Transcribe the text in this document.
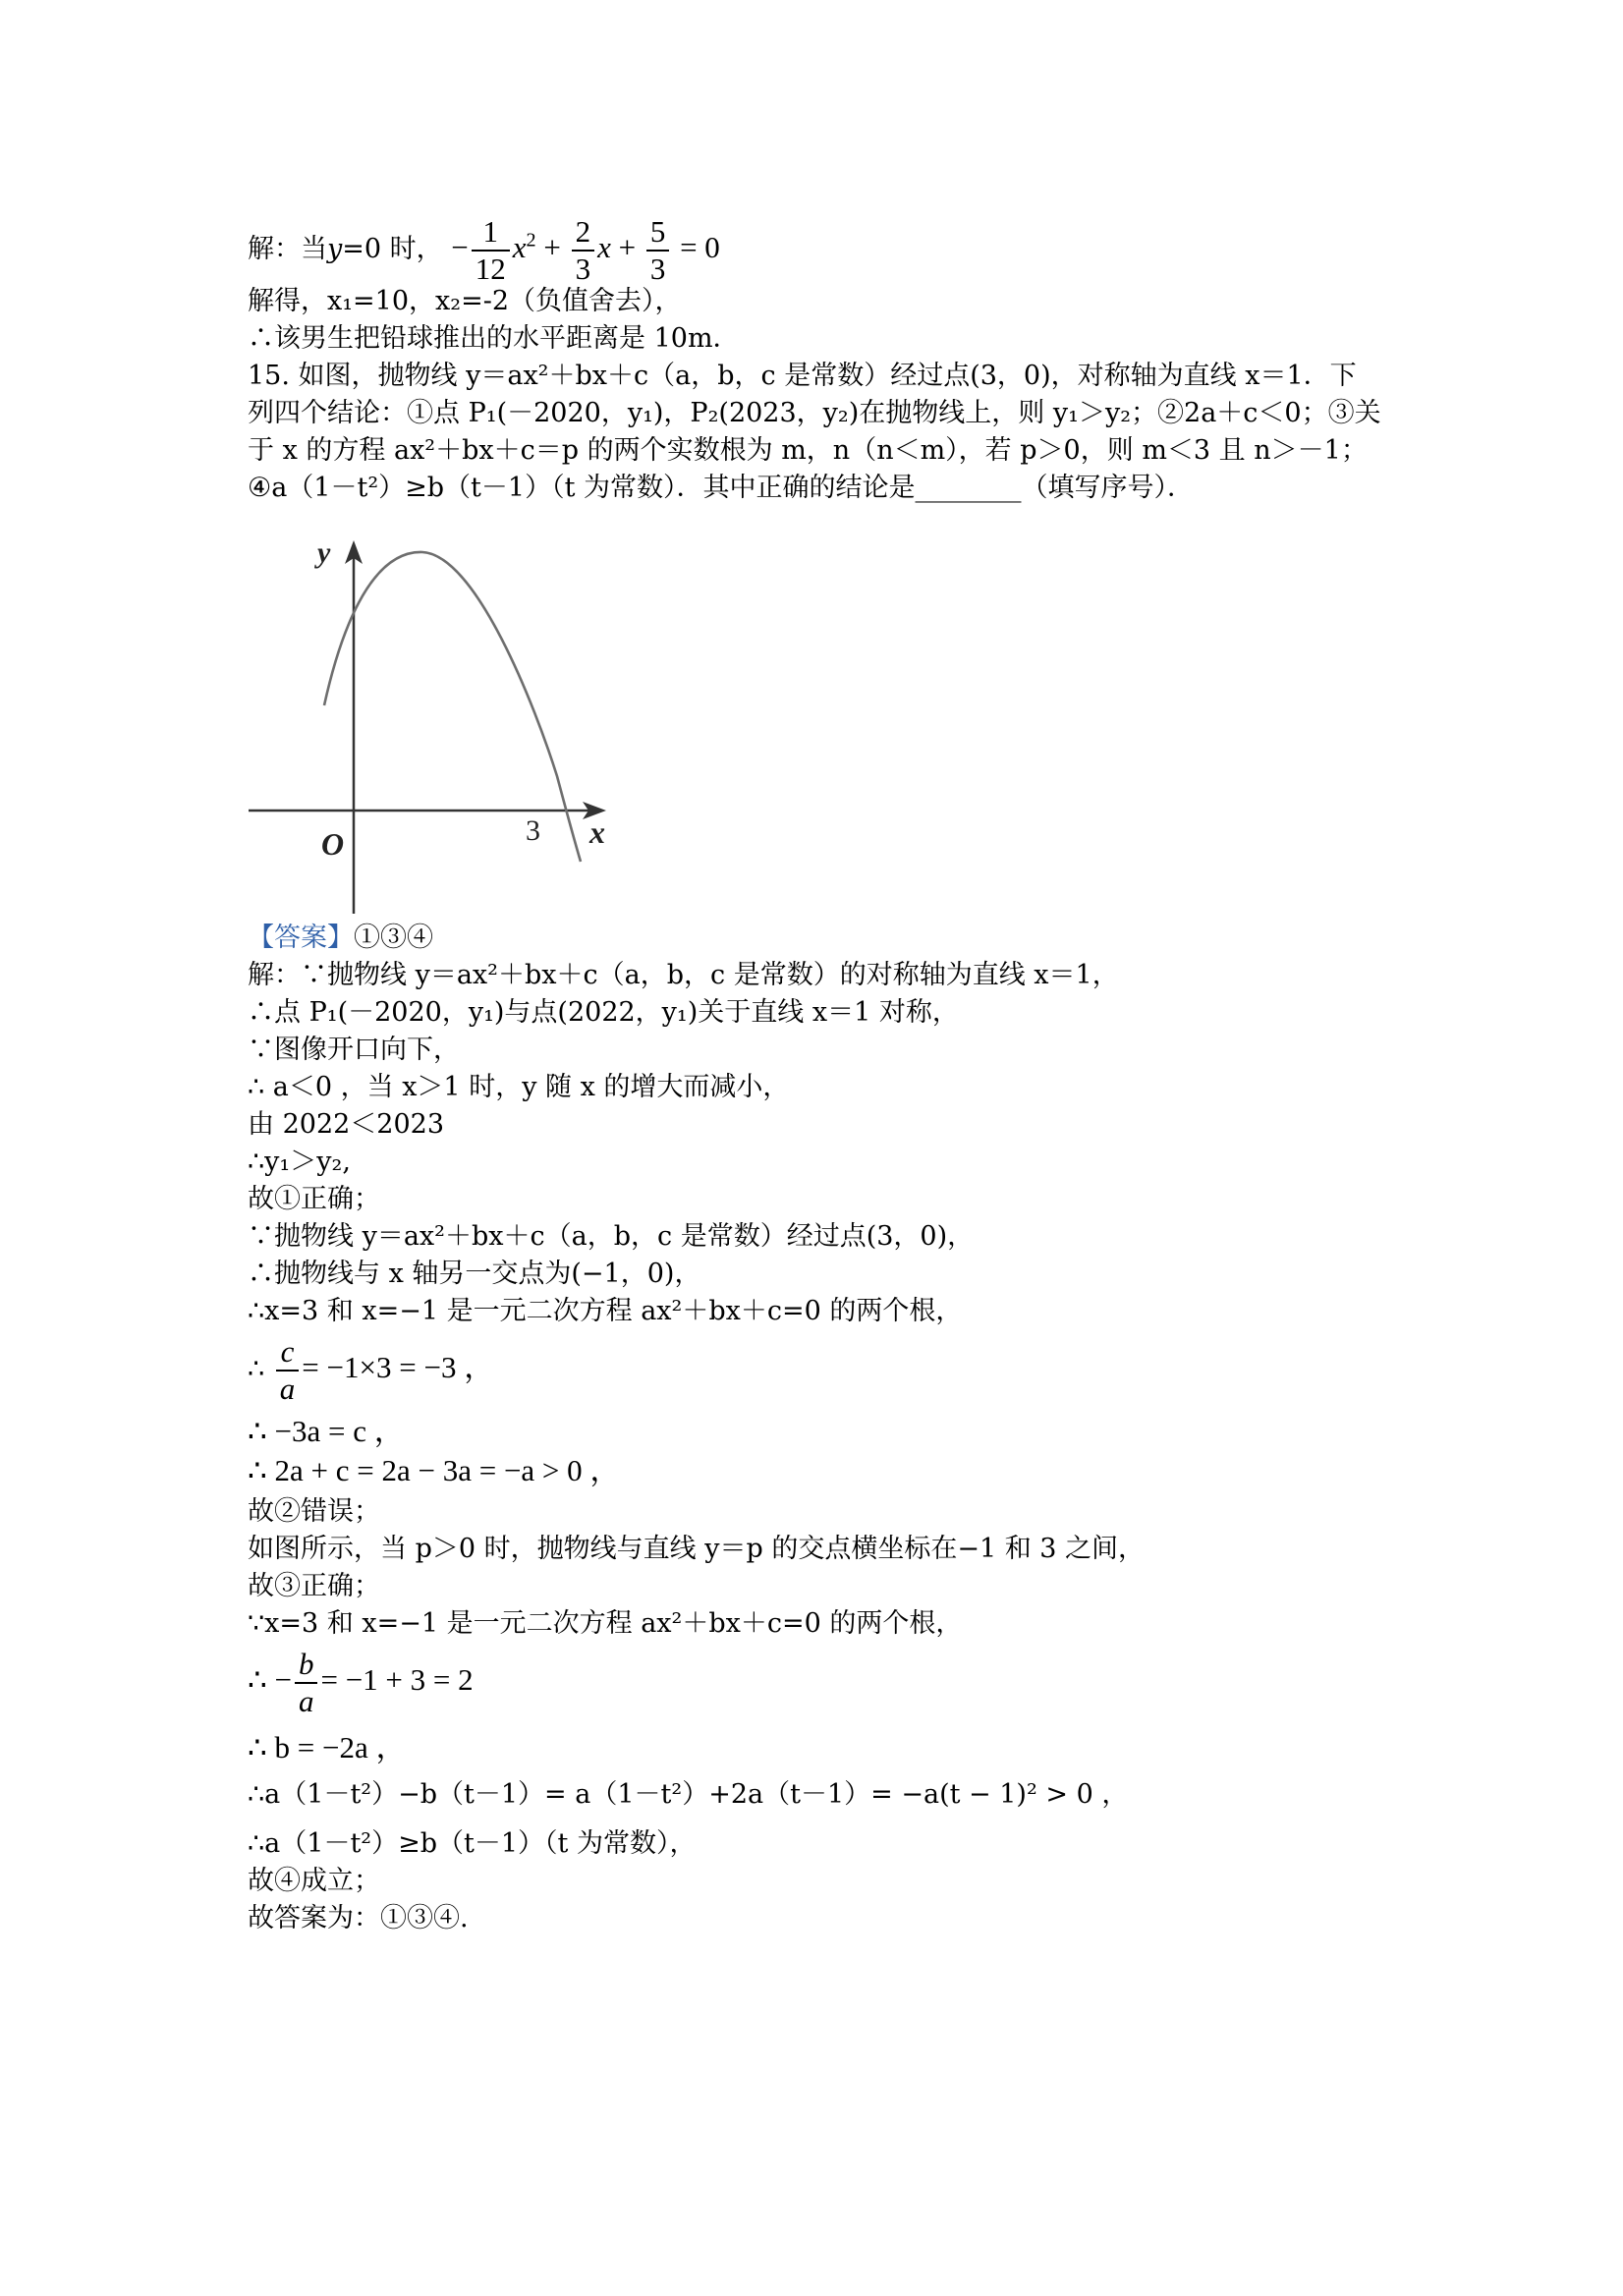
解：当y=0 时， − $\frac{1}{12} x^2 + \frac{2}{3}$ $x + \frac{5}{3} = 0$
解得，x₁=10，x₂=-2（负值舍去），
∴该男生把铅球推出的水平距离是 10m．
15. 如图，抛物线 y＝ax²＋bx＋c（a，b，c 是常数）经过点(3，0)，对称轴为直线 x＝1．下
列四个结论：①点 P₁(－2020，y₁)，P₂(2023，y₂)在抛物线上，则 y₁＞y₂；②2a＋c＜0；③关
于 x 的方程 ax²＋bx＋c＝p 的两个实数根为 m，n（n＜m），若 p＞0，则 m＜3 且 n＞－1；
④a（1－t²）≥b（t－1）（t 为常数）．其中正确的结论是________（填写序号）．
y
x
O	3
【答案】①③④
解：∵抛物线 y＝ax²＋bx＋c（a，b，c 是常数）的对称轴为直线 x＝1，
∴点 P₁(－2020，y₁)与点(2022，y₁)关于直线 x＝1 对称，
∵图像开口向下，
∴ a＜0 ，当 x＞1 时，y 随 x 的增大而减小，
由 2022＜2023
∴y₁＞y₂,
故①正确；
∵抛物线 y＝ax²＋bx＋c（a，b，c 是常数）经过点(3，0)，
∴抛物线与 x 轴另一交点为(−1，0)，
∴x=3 和 x=−1 是一元二次方程 ax²＋bx＋c=0 的两个根，
∴ $\frac{c}{a} = -1\times 3 = -3$ ，
∴ −3a = c ，
∴ 2a + c = 2a − 3a = −a > 0 ，
故②错误；
如图所示，当 p＞0 时，抛物线与直线 y＝p 的交点横坐标在−1 和 3 之间，
故③正确；
∵x=3 和 x=−1 是一元二次方程 ax²＋bx＋c=0 的两个根，
∴ − $\frac{b}{a} = -1 + 3 = 2$
∴ b = −2a ，
∴a（1－t²）−b（t－1）= a（1－t²）+2a（t－1）= −a(t − 1)² > 0 ，
∴a（1－t²）≥b（t－1）（t 为常数），
故④成立；
故答案为：①③④.
